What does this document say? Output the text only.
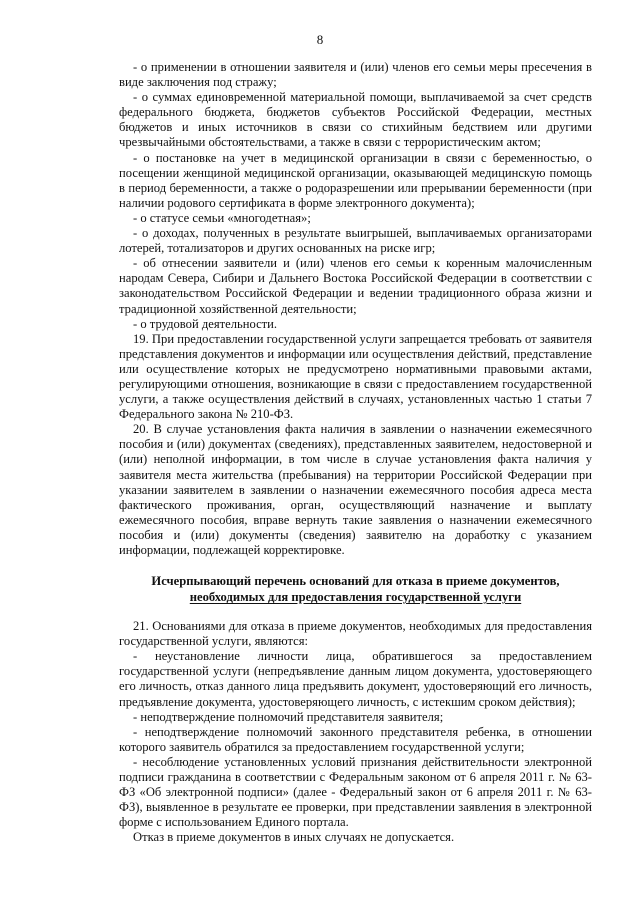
8

- о применении в отношении заявителя и (или) членов его семьи меры пресечения в виде заключения под стражу;

- о суммах единовременной материальной помощи, выплачиваемой за счет средств федерального бюджета, бюджетов субъектов Российской Федерации, местных бюджетов и иных источников в связи со стихийным бедствием или другими чрезвычайными обстоятельствами, а также в связи с террористическим актом;

- о постановке на учет в медицинской организации в связи с беременностью, о посещении женщиной медицинской организации, оказывающей медицинскую помощь в период беременности, а также о родоразрешении или прерывании беременности (при наличии родового сертификата в форме электронного документа);

- о статусе семьи «многодетная»;

- о доходах, полученных в результате выигрышей, выплачиваемых организаторами лотерей, тотализаторов и других основанных на риске игр;

- об отнесении заявители и (или) членов его семьи к коренным малочисленным народам Севера, Сибири и Дальнего Востока Российской Федерации в соответствии с законодательством Российской Федерации и ведении традиционного образа жизни и традиционной хозяйственной деятельности;

- о трудовой деятельности.

19. При предоставлении государственной услуги запрещается требовать от заявителя представления документов и информации или осуществления действий, представление или осуществление которых не предусмотрено нормативными правовыми актами, регулирующими отношения, возникающие в связи с предоставлением государственной услуги, а также осуществления действий в случаях, установленных частью 1 статьи 7 Федерального закона № 210-ФЗ.

20. В случае установления факта наличия в заявлении о назначении ежемесячного пособия и (или) документах (сведениях), представленных заявителем, недостоверной и (или) неполной информации, в том числе в случае установления факта наличия у заявителя места жительства (пребывания) на территории Российской Федерации при указании заявителем в заявлении о назначении ежемесячного пособия адреса места фактического проживания, орган, осуществляющий назначение и выплату ежемесячного пособия, вправе вернуть такие заявления о назначении ежемесячного пособия и (или) документы (сведения) заявителю на доработку с указанием информации, подлежащей корректировке.

Исчерпывающий перечень оснований для отказа в приеме документов,
необходимых для предоставления государственной услуги

21. Основаниями для отказа в приеме документов, необходимых для предоставления государственной услуги, являются:

- неустановление личности лица, обратившегося за предоставлением государственной услуги (непредъявление данным лицом документа, удостоверяющего его личность, отказ данного лица предъявить документ, удостоверяющий его личность, предъявление документа, удостоверяющего личность, с истекшим сроком действия);

- неподтверждение полномочий представителя заявителя;

- неподтверждение полномочий законного представителя ребенка, в отношении которого заявитель обратился за предоставлением государственной услуги;

- несоблюдение установленных условий признания действительности электронной подписи гражданина в соответствии с Федеральным законом от 6 апреля 2011 г. № 63-ФЗ «Об электронной подписи» (далее - Федеральный закон от 6 апреля 2011 г. № 63-ФЗ), выявленное в результате ее проверки, при представлении заявления в электронной форме с использованием Единого портала.

Отказ в приеме документов в иных случаях не допускается.
